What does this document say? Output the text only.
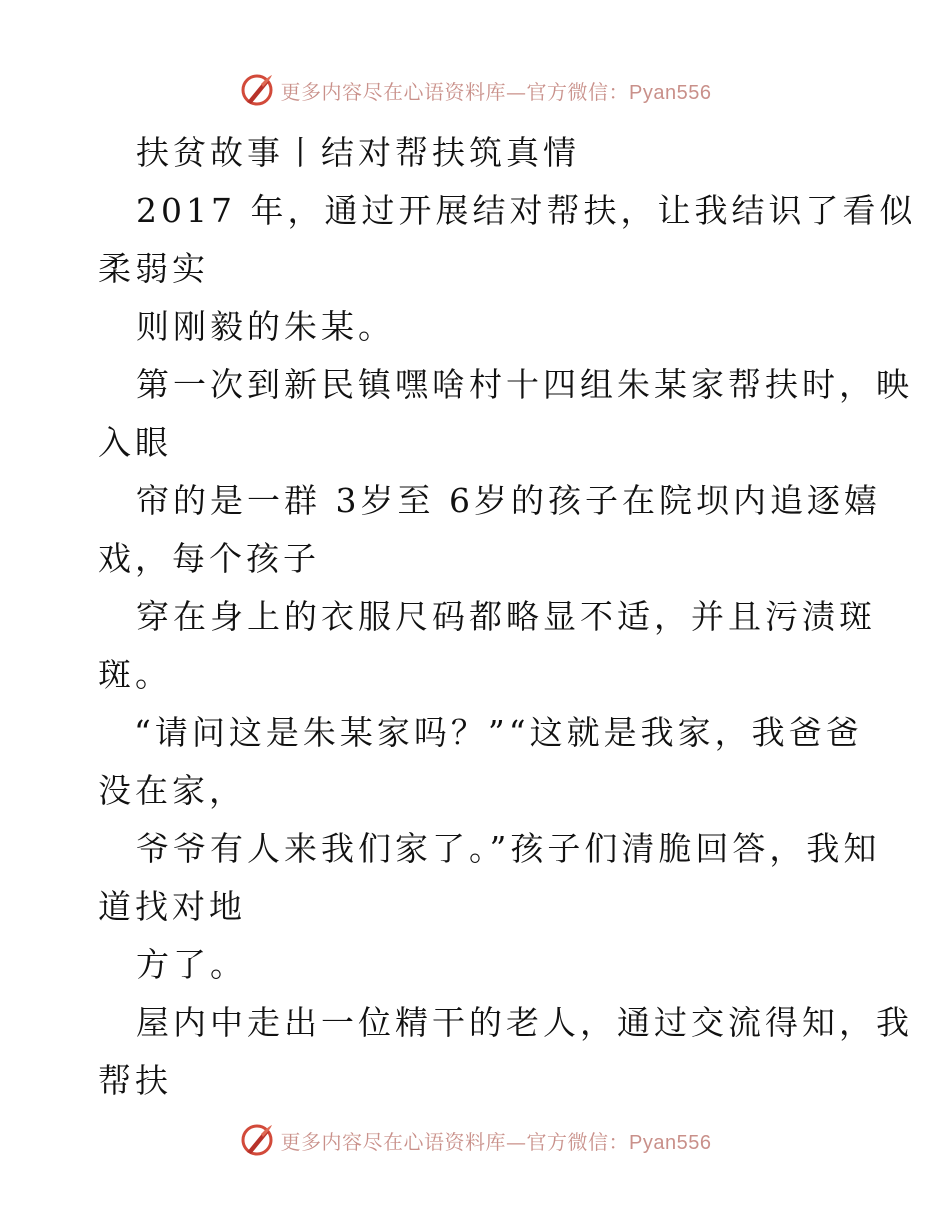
更多内容尽在心语资料库—官方微信：Pyan556
扶贫故事丨结对帮扶筑真情
2017 年，通过开展结对帮扶，让我结识了看似
柔弱实
则刚毅的朱某。
第一次到新民镇嘿啥村十四组朱某家帮扶时，映
入眼
帘的是一群 3岁至 6岁的孩子在院坝内追逐嬉
戏，每个孩子
穿在身上的衣服尺码都略显不适，并且污渍斑
斑。
“请问这是朱某家吗？”“这就是我家，我爸爸
没在家，
爷爷有人来我们家了。”孩子们清脆回答，我知
道找对地
方了。
屋内中走出一位精干的老人，通过交流得知，我
帮扶
更多内容尽在心语资料库—官方微信：Pyan556
